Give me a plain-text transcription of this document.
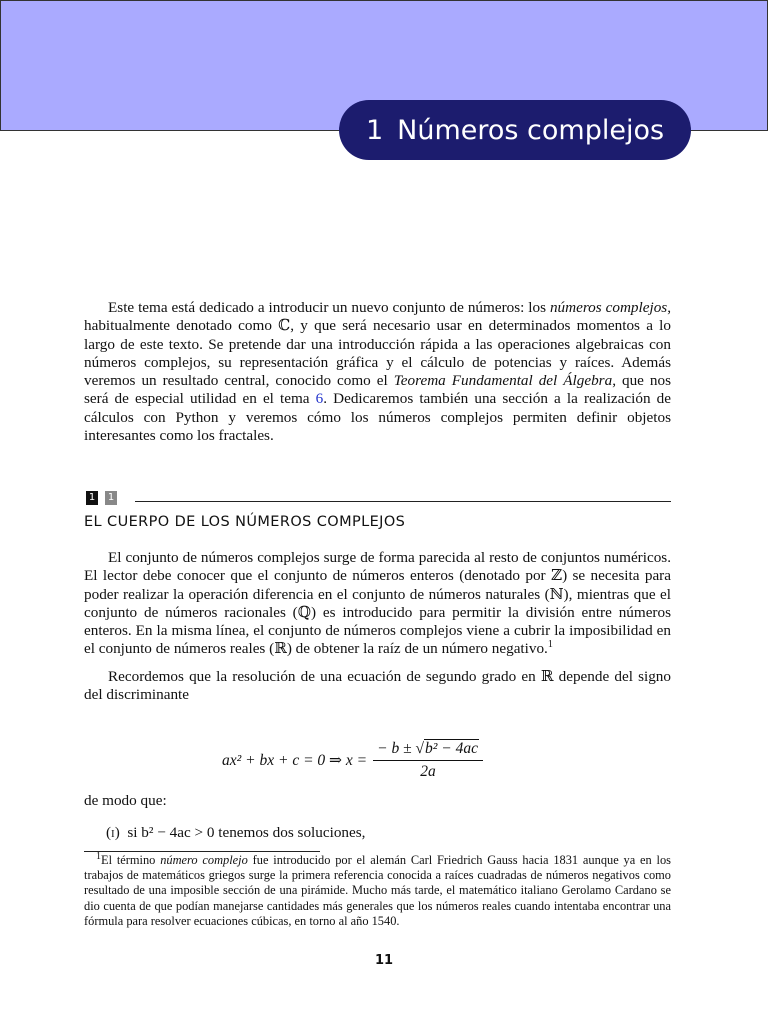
1 Números complejos

Este tema está dedicado a introducir un nuevo conjunto de números: los números complejos, habitualmente denotado como ℂ, y que será necesario usar en determinados momentos a lo largo de este texto. Se pretende dar una introducción rápida a las operaciones algebraicas con números complejos, su representación gráfica y el cálculo de potencias y raíces. Además veremos un resultado central, conocido como el Teorema Fundamental del Álgebra, que nos será de especial utilidad en el tema 6. Dedicaremos también una sección a la realización de cálculos con Python y veremos cómo los números complejos permiten definir objetos interesantes como los fractales.

1 1
EL CUERPO DE LOS NÚMEROS COMPLEJOS

El conjunto de números complejos surge de forma parecida al resto de conjuntos numéricos. El lector debe conocer que el conjunto de números enteros (denotado por ℤ) se necesita para poder realizar la operación diferencia en el conjunto de números naturales (ℕ), mientras que el conjunto de números racionales (ℚ) es introducido para permitir la división entre números enteros. En la misma línea, el conjunto de números complejos viene a cubrir la imposibilidad en el conjunto de números reales (ℝ) de obtener la raíz de un número negativo.$^1$

Recordemos que la resolución de una ecuación de segundo grado en ℝ depende del signo del discriminante

ax² + bx + c = 0 ⇒ $x = \frac{\text{− b ± √b² − 4ac}}{2a}$
de modo que:
(i) si b² − 4ac > 0 tenemos dos soluciones,

$^1$El término número complejo fue introducido por el alemán Carl Friedrich Gauss hacia 1831 aunque ya en los trabajos de matemáticos griegos surge la primera referencia conocida a raíces cuadradas de números negativos como resultado de una imposible sección de una pirámide. Mucho más tarde, el matemático italiano Gerolamo Cardano se dio cuenta de que podían manejarse cantidades más generales que los números reales cuando intentaba encontrar una fórmula para resolver ecuaciones cúbicas, en torno al año 1540.

11
